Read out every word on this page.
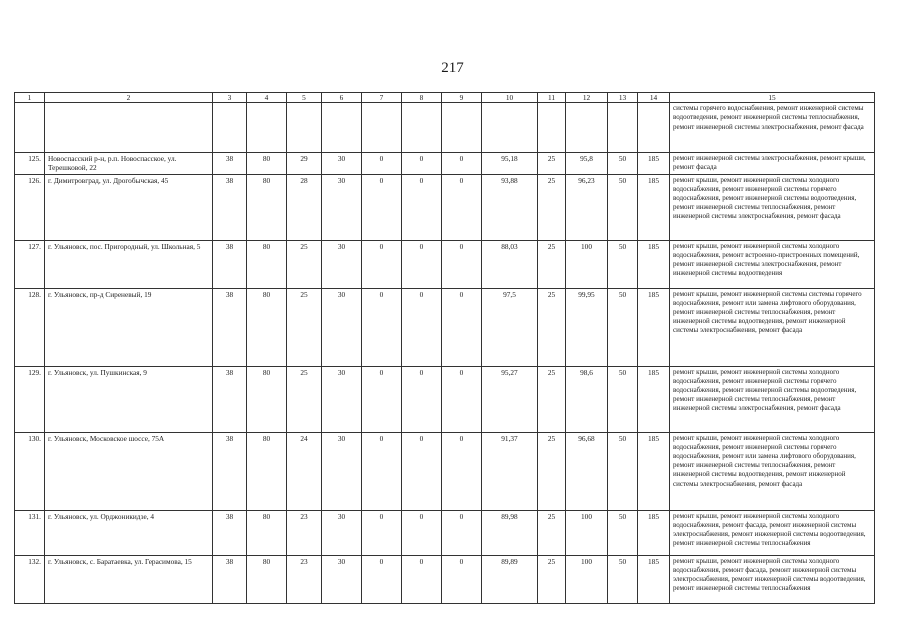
217
1	2	3	4	5	6	7	8	9	10	11	12	13	14	15
														системы горячего водоснабжения, ремонт инженерной системы водоотведения, ремонт инженерной системы теплоснабжения, ремонт инженерной системы электроснабжения, ремонт фасада
125.	Новоспасский р-н, р.п. Новоспасское, ул. Терешковой, 22	38	80	29	30	0	0	0	95,18	25	95,8	50	185	ремонт инженерной системы электроснабжения, ремонт крыши, ремонт фасада
126.	г. Димитровград, ул. Дрогобычская, 45	38	80	28	30	0	0	0	93,88	25	96,23	50	185	ремонт крыши, ремонт инженерной системы холодного водоснабжения, ремонт инженерной системы горячего водоснабжения, ремонт инженерной системы водоотведения, ремонт инженерной системы теплоснабжения, ремонт инженерной системы электроснабжения, ремонт фасада
127.	г. Ульяновск, пос. Пригородный, ул. Школьная, 5	38	80	25	30	0	0	0	88,03	25	100	50	185	ремонт крыши, ремонт инженерной системы холодного водоснабжения, ремонт встроенно-пристроенных помещений, ремонт инженерной системы электроснабжения, ремонт инженерной системы водоотведения
128.	г. Ульяновск, пр-д Сиреневый, 19	38	80	25	30	0	0	0	97,5	25	99,95	50	185	ремонт крыши, ремонт инженерной системы системы горячего водоснабжения, ремонт или замена лифтового оборудования, ремонт инженерной системы теплоснабжения, ремонт инженерной системы водоотведения, ремонт инженерной системы электроснабжения, ремонт фасада
129.	г. Ульяновск, ул. Пушкинская, 9	38	80	25	30	0	0	0	95,27	25	98,6	50	185	ремонт крыши, ремонт инженерной системы холодного водоснабжения, ремонт инженерной системы горячего водоснабжения, ремонт инженерной системы водоотведения, ремонт инженерной системы теплоснабжения, ремонт инженерной системы электроснабжения, ремонт фасада
130.	г. Ульяновск, Московское шоссе, 75А	38	80	24	30	0	0	0	91,37	25	96,68	50	185	ремонт крыши, ремонт инженерной системы холодного водоснабжения, ремонт инженерной системы горячего водоснабжения, ремонт или замена лифтового оборудования, ремонт инженерной системы теплоснабжения, ремонт инженерной системы водоотведения, ремонт инженерной системы электроснабжения, ремонт фасада
131.	г. Ульяновск, ул. Орджоникидзе, 4	38	80	23	30	0	0	0	89,98	25	100	50	185	ремонт крыши, ремонт инженерной системы холодного водоснабжения, ремонт фасада, ремонт инженерной системы электроснабжения, ремонт инженерной системы водоотведения, ремонт инженерной системы теплоснабжения
132.	г. Ульяновск, с. Баратаевка, ул. Герасимова, 15	38	80	23	30	0	0	0	89,89	25	100	50	185	ремонт крыши, ремонт инженерной системы холодного водоснабжения, ремонт фасада, ремонт инженерной системы электроснабжения, ремонт инженерной системы водоотведения, ремонт инженерной системы теплоснабжения
